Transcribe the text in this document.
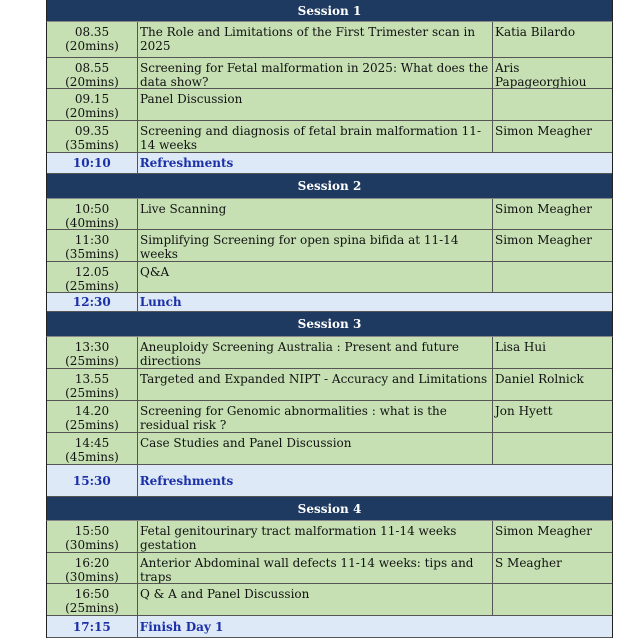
Session 1
08.35
(20mins)
The Role and Limitations of the First Trimester scan in 2025
Katia Bilardo
08.55
(20mins)
Screening for Fetal malformation in 2025: What does the data show?
Aris Papageorghiou
09.15
(20mins)
Panel Discussion
09.35
(35mins)
Screening and diagnosis of fetal brain malformation 11-14 weeks
Simon Meagher
10:10 Refreshments
Session 2
10:50
(40mins)
Live Scanning	Simon Meagher
11:30
(35mins)
Simplifying Screening for open spina bifida at 11-14 weeks
Simon Meagher
12.05
(25mins)
Q&A
12:30 Lunch
Session 3
13:30
(25mins)
Aneuploidy Screening Australia : Present and future directions
Lisa Hui
13.55
(25mins)
Targeted and Expanded NIPT - Accuracy and Limitations Daniel Rolnick
14.20
(25mins)
Screening for Genomic abnormalities : what is the residual risk ?
Jon Hyett
14:45
(45mins)
Case Studies and Panel Discussion
15:30 Refreshments
Session 4
15:50
(30mins)
Fetal genitourinary tract malformation 11-14 weeks gestation
Simon Meagher
16:20
(30mins)
Anterior Abdominal wall defects 11-14 weeks: tips and traps
S Meagher
16:50
(25mins)
Q & A and Panel Discussion
17:15 Finish Day 1
